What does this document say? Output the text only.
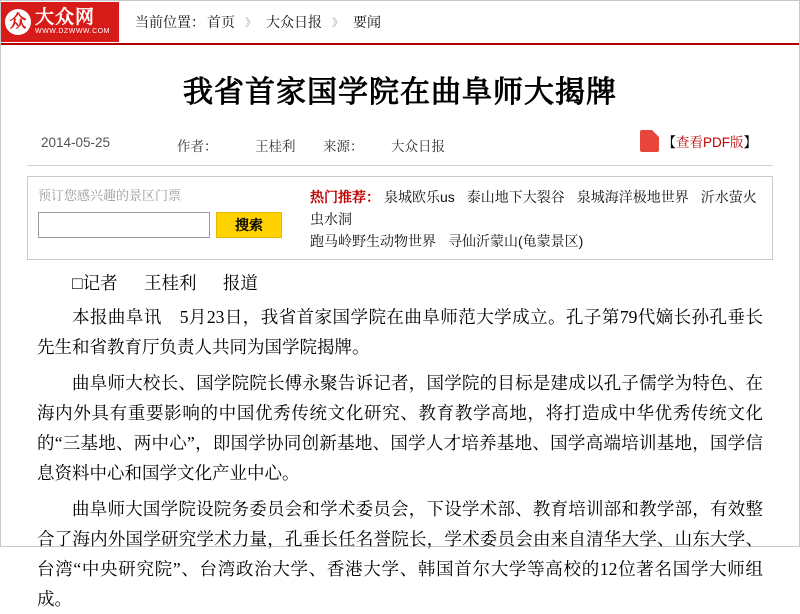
众 大众网
WWW.DZWWW.COM
当前位置： 首页 》 大众日报 》 要闻
我省首家国学院在曲阜师大揭牌
2014-05-25	作者：	王桂利 来源： 大众日报	【 查看PDF版 】
预订您感兴趣的景区门票
搜索
热门推荐： 泉城欧乐us 泰山地下大裂谷 泉城海洋极地世界 沂水萤火虫水洞
跑马岭野生动物世界 寻仙沂蒙山(龟蒙景区)
□记者 王桂利 报道

本报曲阜讯　5月23日，我省首家国学院在曲阜师范大学成立。孔子第79代嫡长孙孔垂长先生和省教育厅负责人共同为国学院揭牌。

曲阜师大校长、国学院院长傅永聚告诉记者，国学院的目标是建成以孔子儒学为特色、在海内外具有重要影响的中国优秀传统文化研究、教育教学高地，将打造成中华优秀传统文化的“三基地、两中心”，即国学协同创新基地、国学人才培养基地、国学高端培训基地，国学信息资料中心和国学文化产业中心。

曲阜师大国学院设院务委员会和学术委员会，下设学术部、教育培训部和教学部，有效整合了海内外国学研究学术力量，孔垂长任名誉院长，学术委员会由来自清华大学、山东大学、台湾“中央研究院”、台湾政治大学、香港大学、韩国首尔大学等高校的12位著名国学大师组成。
